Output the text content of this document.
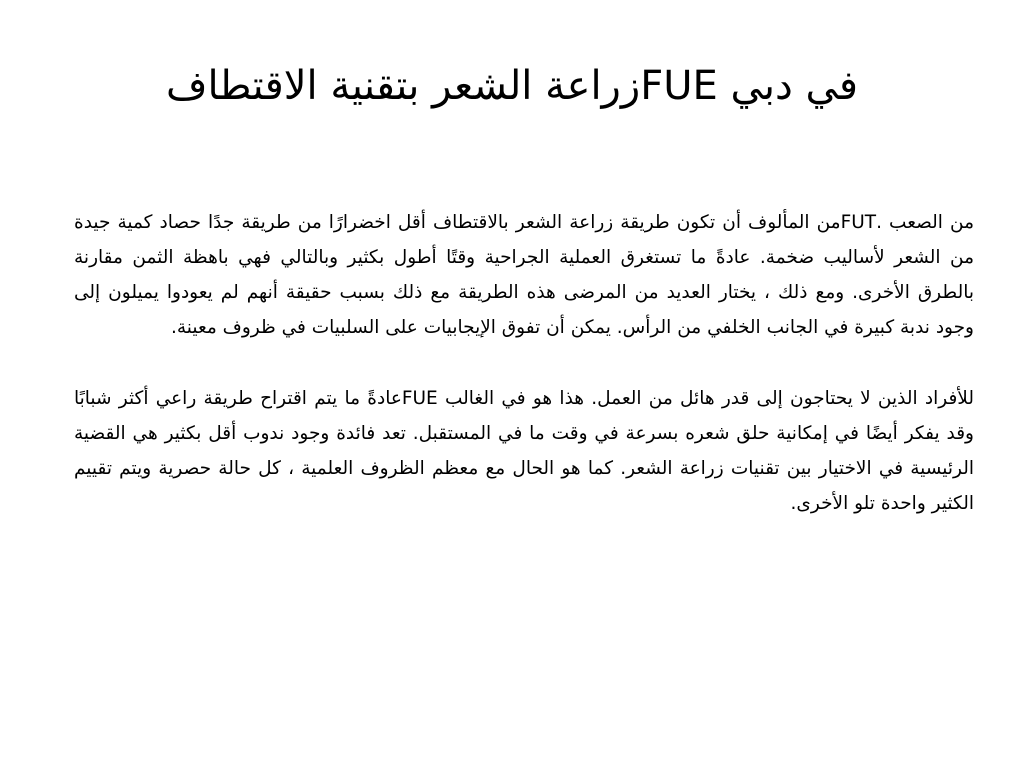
في دبي FUEزراعة الشعر بتقنية الاقتطاف

من الصعب .FUTمن المألوف أن تكون طريقة زراعة الشعر بالاقتطاف أقل اخضرارًا من طريقة جدًا حصاد كمية جيدة من الشعر لأساليب ضخمة. عادةً ما تستغرق العملية الجراحية وقتًا أطول بكثير وبالتالي فهي باهظة الثمن مقارنة بالطرق الأخرى. ومع ذلك ، يختار العديد من المرضى هذه الطريقة مع ذلك بسبب حقيقة أنهم لم يعودوا يميلون إلى وجود ندبة كبيرة في الجانب الخلفي من الرأس. يمكن أن تفوق الإيجابيات على السلبيات في ظروف معينة.

للأفراد الذين لا يحتاجون إلى قدر هائل من العمل. هذا هو في الغالب FUEعادةً ما يتم اقتراح طريقة راعي أكثر شبابًا وقد يفكر أيضًا في إمكانية حلق شعره بسرعة في وقت ما في المستقبل. تعد فائدة وجود ندوب أقل بكثير هي القضية الرئيسية في الاختيار بين تقنيات زراعة الشعر. كما هو الحال مع معظم الظروف العلمية ، كل حالة حصرية ويتم تقييم الكثير واحدة تلو الأخرى.
